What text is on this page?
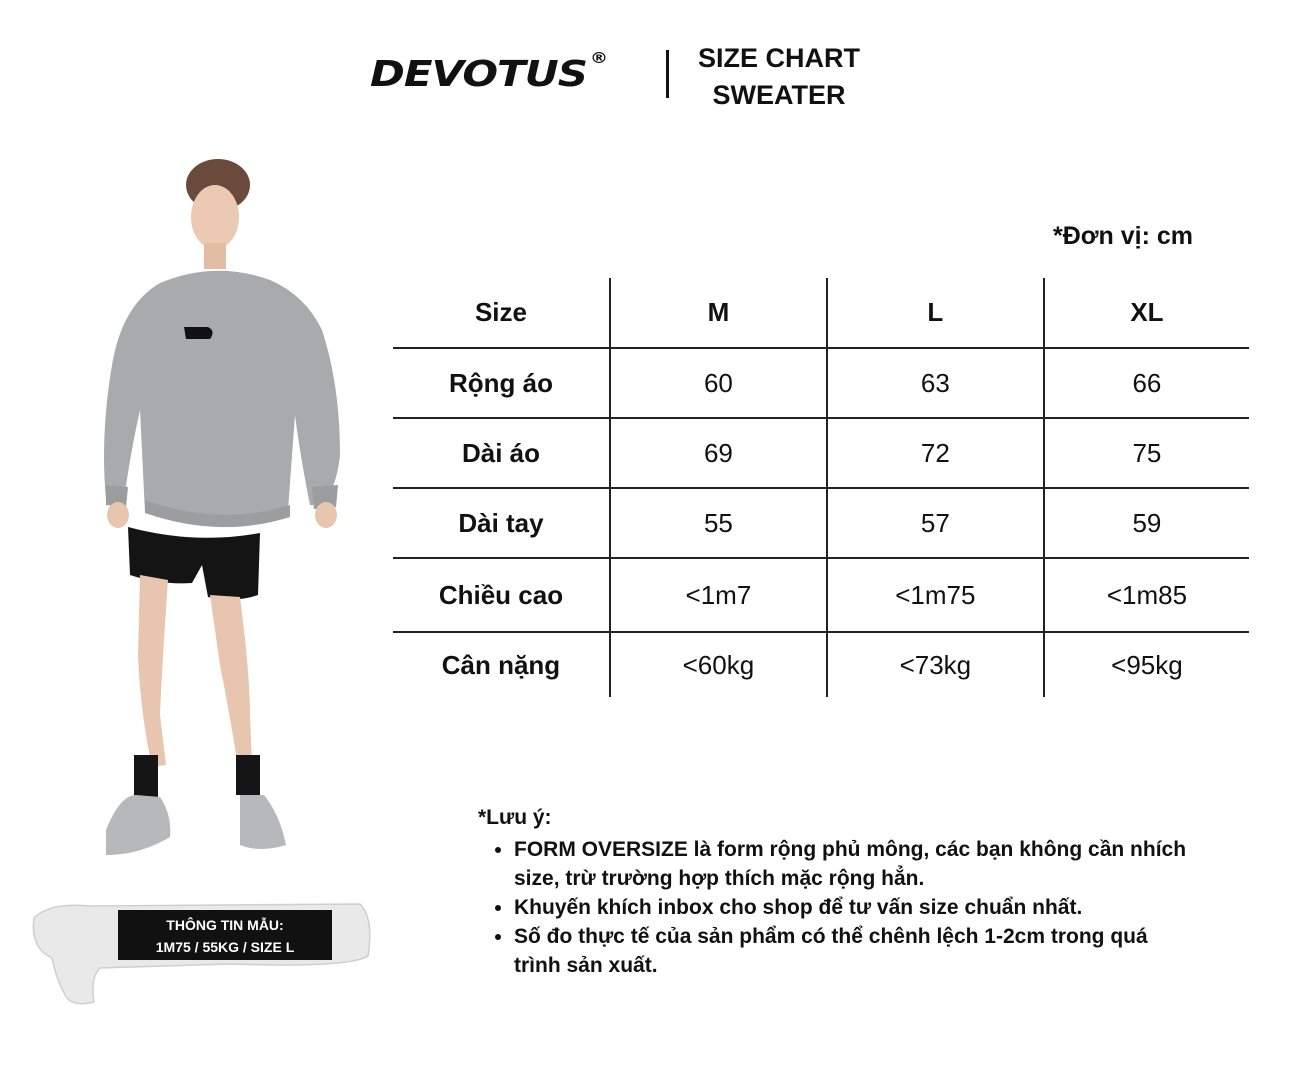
DEVOTUS ®	SIZE CHART
SWEATER
THÔNG TIN MẪU:
1M75 / 55KG / SIZE L
*Đơn vị: cm
Size	M	L	XL
Rộng áo	60	63	66
Dài áo	69	72	75
Dài tay	55	57	59
Chiều cao	<1m7	<1m75	<1m85
Cân nặng	<60kg	<73kg	<95kg
*Lưu ý:
• FORM OVERSIZE là form rộng phủ mông, các bạn không cần nhích size, trừ trường hợp thích mặc rộng hẳn.
• Khuyến khích inbox cho shop để tư vấn size chuẩn nhất.
• Số đo thực tế của sản phẩm có thể chênh lệch 1-2cm trong quá trình sản xuất.
